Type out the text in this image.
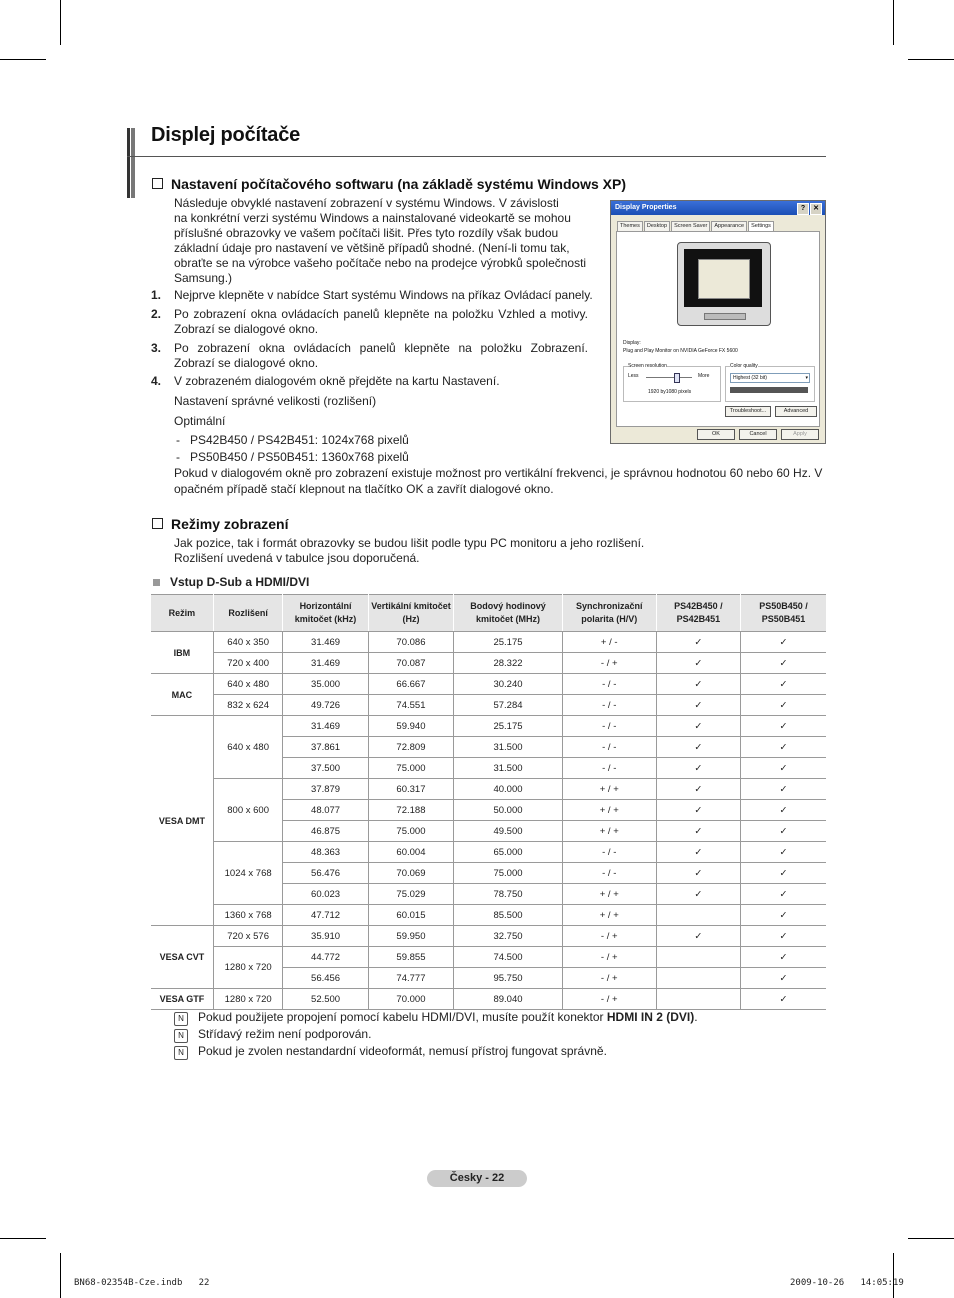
Displej počítače
Nastavení počítačového softwaru (na základě systému Windows XP)
Následuje obvyklé nastavení zobrazení v systému Windows. V závislosti
na konkrétní verzi systému Windows a nainstalované videokartě se mohou
příslušné obrazovky ve vašem počítači lišit. Přes tyto rozdíly však budou
základní údaje pro nastavení ve většině případů shodné. (Není-li tomu tak,
obraťte se na výrobce vašeho počítače nebo na prodejce výrobků společnosti
Samsung.)
1. Nejprve klepněte v nabídce Start systému Windows na příkaz Ovládací panely.
2. Po zobrazení okna ovládacích panelů klepněte na položku Vzhled a motivy. Zobrazí se dialogové okno.
3. Po zobrazení okna ovládacích panelů klepněte na položku Zobrazení. Zobrazí se dialogové okno.
4. V zobrazeném dialogovém okně přejděte na kartu Nastavení.
Nastavení správné velikosti (rozlišení)
Optimální
-   PS42B450 / PS42B451: 1024x768 pixelů
-   PS50B450 / PS50B451: 1360x768 pixelů
Pokud v dialogovém okně pro zobrazení existuje možnost pro vertikální frekvenci, je správnou hodnotou 60 nebo 60 Hz. V
opačném případě stačí klepnout na tlačítko OK a zavřít dialogové okno.
Display Properties	?	✕
Themes	Desktop	Screen Saver	Appearance	Settings
Display:
Plug and Play Monitor on NVIDIA GeForce FX 5600
Screen resolution
Less	More
1920 by1080 pixels
Color quality
Highest (32 bit)	▾
Troubleshoot...	Advanced
OK	Cancel	Apply
Režimy zobrazení
Jak pozice, tak i formát obrazovky se budou lišit podle typu PC monitoru a jeho rozlišení.
Rozlišení uvedená v tabulce jsou doporučená.
Vstup D-Sub a HDMI/DVI
Režim	Rozlišení	Horizontální kmitočet (kHz)	Vertikální kmitočet (Hz)	Bodový hodinový kmitočet (MHz)	Synchronizační polarita (H/V)	PS42B450 / PS42B451	PS50B450 / PS50B451
IBM	640 x 350	31.469	70.086	25.175	+ / -	✓	✓
	720 x 400	31.469	70.087	28.322	- / +	✓	✓
MAC	640 x 480	35.000	66.667	30.240	- / -	✓	✓
	832 x 624	49.726	74.551	57.284	- / -	✓	✓
VESA DMT	640 x 480	31.469	59.940	25.175	- / -	✓	✓
		37.861	72.809	31.500	- / -	✓	✓
		37.500	75.000	31.500	- / -	✓	✓
	800 x 600	37.879	60.317	40.000	+ / +	✓	✓
		48.077	72.188	50.000	+ / +	✓	✓
		46.875	75.000	49.500	+ / +	✓	✓
	1024 x 768	48.363	60.004	65.000	- / -	✓	✓
		56.476	70.069	75.000	- / -	✓	✓
		60.023	75.029	78.750	+ / +	✓	✓
	1360 x 768	47.712	60.015	85.500	+ / +		✓
VESA CVT	720 x 576	35.910	59.950	32.750	- / +	✓	✓
	1280 x 720	44.772	59.855	74.500	- / +		✓
		56.456	74.777	95.750	- / +		✓
VESA GTF	1280 x 720	52.500	70.000	89.040	- / +		✓
N Pokud použijete propojení pomocí kabelu HDMI/DVI, musíte použít konektor HDMI IN 2 (DVI).
N Střídavý režim není podporován.
N Pokud je zvolen nestandardní videoformát, nemusí přístroj fungovat správně.
Česky - 22
BN68-02354B-Cze.indb   22	2009-10-26   14:05:19
